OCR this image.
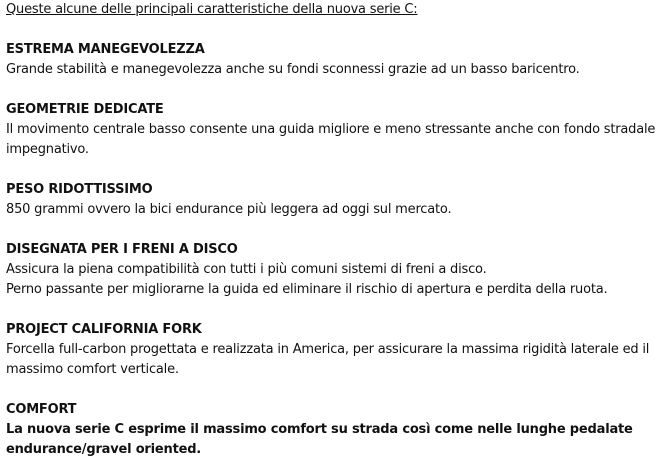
Queste alcune delle principali caratteristiche della nuova serie C:

ESTREMA MANEGEVOLEZZA
Grande stabilità e manegevolezza anche su fondi sconnessi grazie ad un basso baricentro.
GEOMETRIE DEDICATE
Il movimento centrale basso consente una guida migliore e meno stressante anche con fondo stradale
impegnativo.
PESO RIDOTTISSIMO
850 grammi ovvero la bici endurance più leggera ad oggi sul mercato.
DISEGNATA PER I FRENI A DISCO
Assicura la piena compatibilità con tutti i più comuni sistemi di freni a disco.
Perno passante per migliorarne la guida ed eliminare il rischio di apertura e perdita della ruota.
PROJECT CALIFORNIA FORK
Forcella full-carbon progettata e realizzata in America, per assicurare la massima rigidità laterale ed il
massimo comfort verticale.
COMFORT
La nuova serie C esprime il massimo comfort su strada così come nelle lunghe pedalate
endurance/gravel oriented.
